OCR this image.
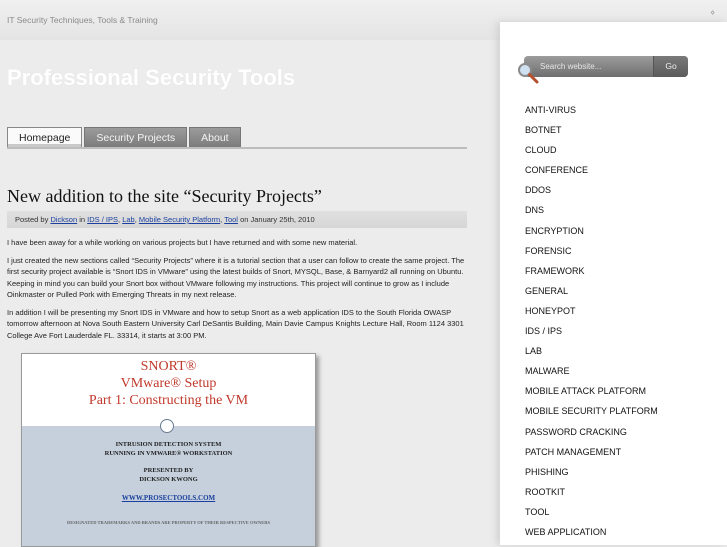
IT Security Techniques, Tools & Training
‹›
Professional Security Tools
Homepage	Security Projects	About
New addition to the site “Security Projects”
Posted by Dickson in IDS / IPS, Lab, Mobile Security Platform, Tool on January 25th, 2010

I have been away for a while working on various projects but I have returned and with some new material.

I just created the new sections called “Security Projects” where it is a tutorial section that a user can follow to create the same project. The first security project available is “Snort IDS in VMware” using the latest builds of Snort, MYSQL, Base, & Barnyard2 all running on Ubuntu. Keeping in mind you can build your Snort box without VMware following my instructions. This project will continue to grow as I include Oinkmaster or Pulled Pork with Emerging Threats in my next release.

In addition I will be presenting my Snort IDS in VMware and how to setup Snort as a web application IDS to the South Florida OWASP tomorrow afternoon at Nova South Eastern University Carl DeSantis Building, Main Davie Campus Knights Lecture Hall, Room 1124 3301 College Ave Fort Lauderdale FL. 33314, it starts at 3:00 PM.

SNORT®
VMware® Setup
Part 1: Constructing the VM
INTRUSION DETECTION SYSTEM
RUNNING IN VMWARE® WORKSTATION
PRESENTED BY
DICKSON KWONG
WWW.PROSECTOOLS.COM
DESIGNATED TRADEMARKS AND BRANDS ARE PROPERTY OF THEIR RESPECTIVE OWNERS
Search website...	Go
ANTI-VIRUS
BOTNET
CLOUD
CONFERENCE
DDOS
DNS
ENCRYPTION
FORENSIC
FRAMEWORK
GENERAL
HONEYPOT
IDS / IPS
LAB
MALWARE
MOBILE ATTACK PLATFORM
MOBILE SECURITY PLATFORM
PASSWORD CRACKING
PATCH MANAGEMENT
PHISHING
ROOTKIT
TOOL
WEB APPLICATION
